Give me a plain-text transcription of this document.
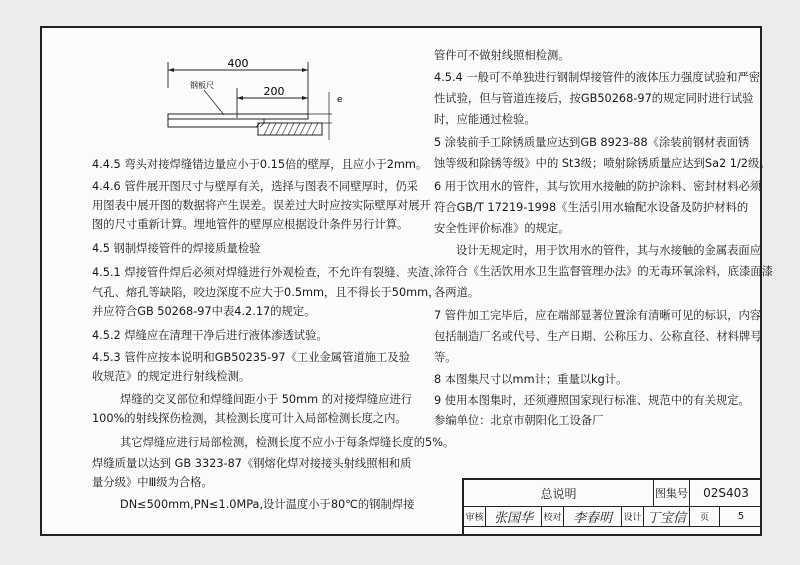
400
200
钢板尺
e
4.4.5 弯头对接焊缝错边量应小于0.15倍的壁厚，且应小于2mm。
4.4.6 管件展开图尺寸与壁厚有关，选择与图表不同壁厚时，仍采
用图表中展开图的数据将产生误差。误差过大时应按实际壁厚对展开
图的尺寸重新计算。埋地管件的壁厚应根据设计条件另行计算。
4.5 钢制焊接管件的焊接质量检验
4.5.1 焊接管件焊后必须对焊缝进行外观检查，不允许有裂缝、夹渣、
气孔、熔孔等缺陷，咬边深度不应大于0.5mm，且不得长于50mm，
并应符合GB 50268-97中表4.2.17的规定。
4.5.2 焊缝应在清理干净后进行液体渗透试验。
4.5.3 管件应按本说明和GB50235-97《工业金属管道施工及验
收规范》的规定进行射线检测。
焊缝的交叉部位和焊缝间距小于 50mm 的对接焊缝应进行
100%的射线探伤检测，其检测长度可计入局部检测长度之内。
其它焊缝应进行局部检测，检测长度不应小于每条焊缝长度的5%。
焊缝质量以达到 GB 3323-87《钢熔化焊对接接头射线照相和质
量分级》中Ⅲ级为合格。
DN≤500mm,PN≤1.0MPa,设计温度小于80℃的钢制焊接
管件可不做射线照相检测。
4.5.4 一般可不单独进行钢制焊接管件的液体压力强度试验和严密
性试验，但与管道连接后，按GB50268-97的规定同时进行试验
时，应能通过检验。
5 涂装前手工除锈质量应达到GB 8923-88《涂装前钢材表面锈
蚀等级和除锈等级》中的 St3级；喷射除锈质量应达到Sa2 1/2级。
6 用于饮用水的管件，其与饮用水接触的防护涂料、密封材料必须
符合GB/T 17219-1998《生活引用水输配水设备及防护材料的
安全性评价标准》的规定。
设计无规定时，用于饮用水的管件，其与水接触的金属表面应
涂符合《生活饮用水卫生监督管理办法》的无毒环氧涂料，底漆面漆
各两道。
7 管件加工完毕后，应在端部显著位置涂有清晰可见的标识，内容
包括制造厂名或代号、生产日期、公称压力、公称直径、材料牌号
等。
8 本图集尺寸以mm计；重量以kg计。
9 使用本图集时，还须遵照国家现行标准、规范中的有关规定。
参编单位：北京市朝阳化工设备厂
总说明	图集号	02S403
审核 张国华	校对 李春明	设计 丁宝信	页	5
